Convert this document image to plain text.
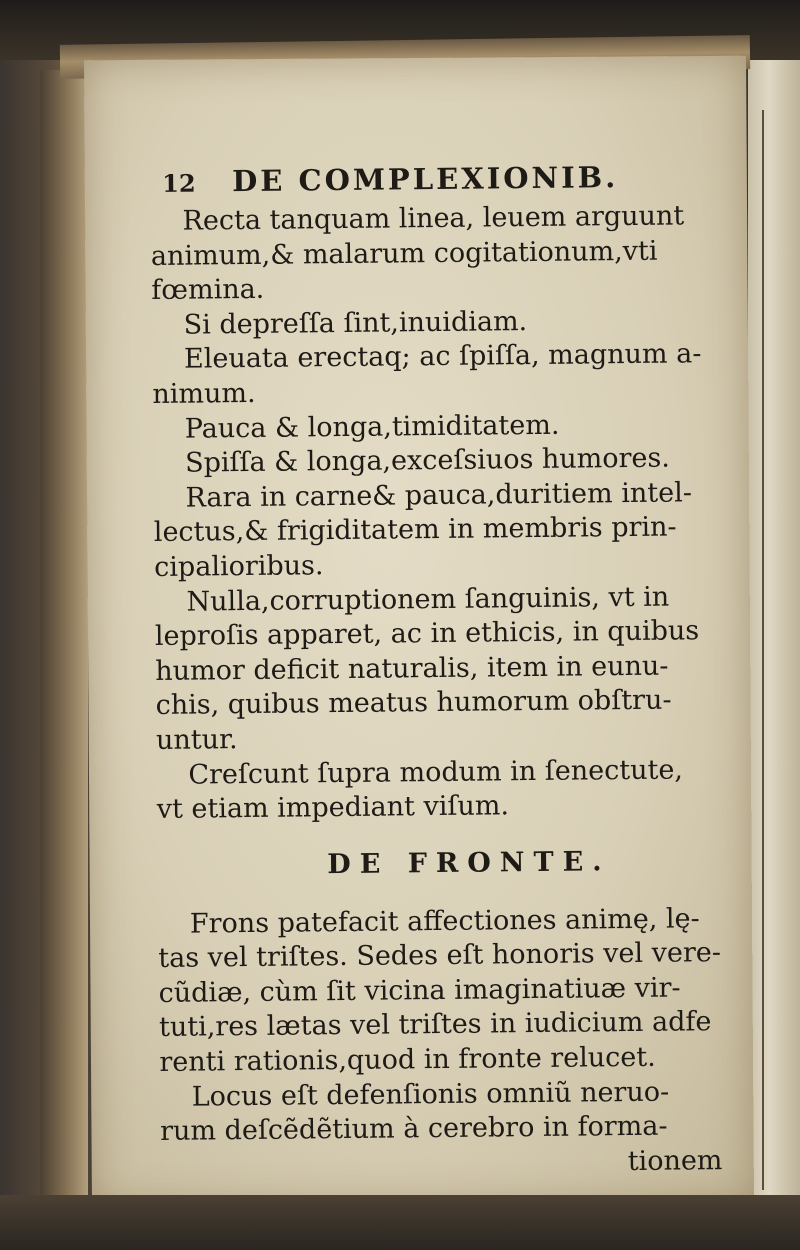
12	DE COMPLEXIONIB.
Recta tanquam linea, leuem arguunt
animum,& malarum cogitationum,vti
fœmina.
Si depreſſa ſint,inuidiam.
Eleuata erectaq; ac ſpiſſa, magnum a-
nimum.
Pauca & longa,timiditatem.
Spiſſa & longa,exceſsiuos humores.
Rara in carne& pauca,duritiem intel-
lectus,& frigiditatem in membris prin-
cipalioribus.
Nulla,corruptionem ſanguinis, vt in
leproſis apparet, ac in ethicis, in quibus
humor deficit naturalis, item in eunu-
chis, quibus meatus humorum obſtru-
untur.
Creſcunt ſupra modum in ſenectute,
vt etiam impediant viſum.
DE FRONTE.
Frons patefacit affectiones animę, lę-
tas vel triſtes. Sedes eſt honoris vel vere-
cũdiæ, cùm ſit vicina imaginatiuæ vir-
tuti,res lætas vel triſtes in iudicium adfe
renti rationis,quod in fronte relucet.
Locus eſt defenſionis omniũ neruo-
rum deſcẽdẽtium à cerebro in forma-
tionem
